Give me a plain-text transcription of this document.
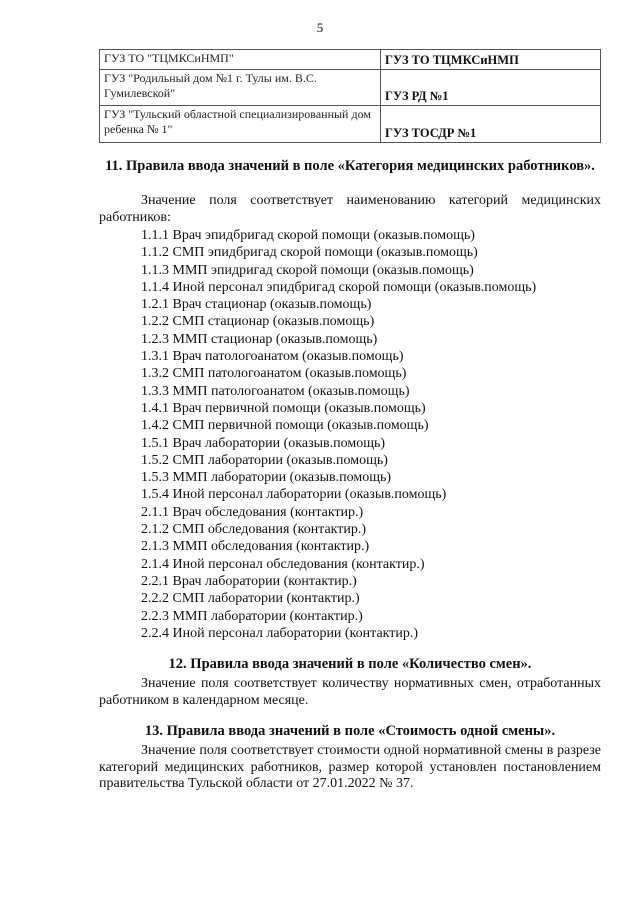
5
ГУЗ ТО "ТЦМКСиНМП"	ГУЗ ТО ТЦМКСиНМП
ГУЗ "Родильный дом №1 г. Тулы им. В.С. Гумилевской"	ГУЗ РД №1
ГУЗ "Тульский областной специализированный дом ребенка № 1"	ГУЗ ТОСДР №1
11. Правила ввода значений в поле «Категория медицинских работников».
Значение поля соответствует наименованию категорий медицинских работников:
1.1.1 Врач эпидбригад скорой помощи (оказыв.помощь)
1.1.2 СМП эпидбригад скорой помощи (оказыв.помощь)
1.1.3 ММП эпидригад скорой помощи (оказыв.помощь)
1.1.4 Иной персонал эпидбригад скорой помощи (оказыв.помощь)
1.2.1 Врач стационар (оказыв.помощь)
1.2.2 СМП стационар (оказыв.помощь)
1.2.3 ММП стационар (оказыв.помощь)
1.3.1 Врач патологоанатом (оказыв.помощь)
1.3.2 СМП патологоанатом (оказыв.помощь)
1.3.3 ММП патологоанатом (оказыв.помощь)
1.4.1 Врач первичной помощи (оказыв.помощь)
1.4.2 СМП первичной помощи (оказыв.помощь)
1.5.1 Врач лаборатории (оказыв.помощь)
1.5.2 СМП лаборатории (оказыв.помощь)
1.5.3 ММП лаборатории (оказыв.помощь)
1.5.4 Иной персонал лаборатории (оказыв.помощь)
2.1.1 Врач обследования (контактир.)
2.1.2 СМП обследования (контактир.)
2.1.3 ММП обследования (контактир.)
2.1.4 Иной персонал обследования (контактир.)
2.2.1 Врач лаборатории (контактир.)
2.2.2 СМП лаборатории (контактир.)
2.2.3 ММП лаборатории (контактир.)
2.2.4 Иной персонал лаборатории (контактир.)
12. Правила ввода значений в поле «Количество смен».
Значение поля соответствует количеству нормативных смен, отработанных работником в календарном месяце.
13. Правила ввода значений в поле «Стоимость одной смены».
Значение поля соответствует стоимости одной нормативной смены в разрезе категорий медицинских работников, размер которой установлен постановлением правительства Тульской области от 27.01.2022 № 37.
